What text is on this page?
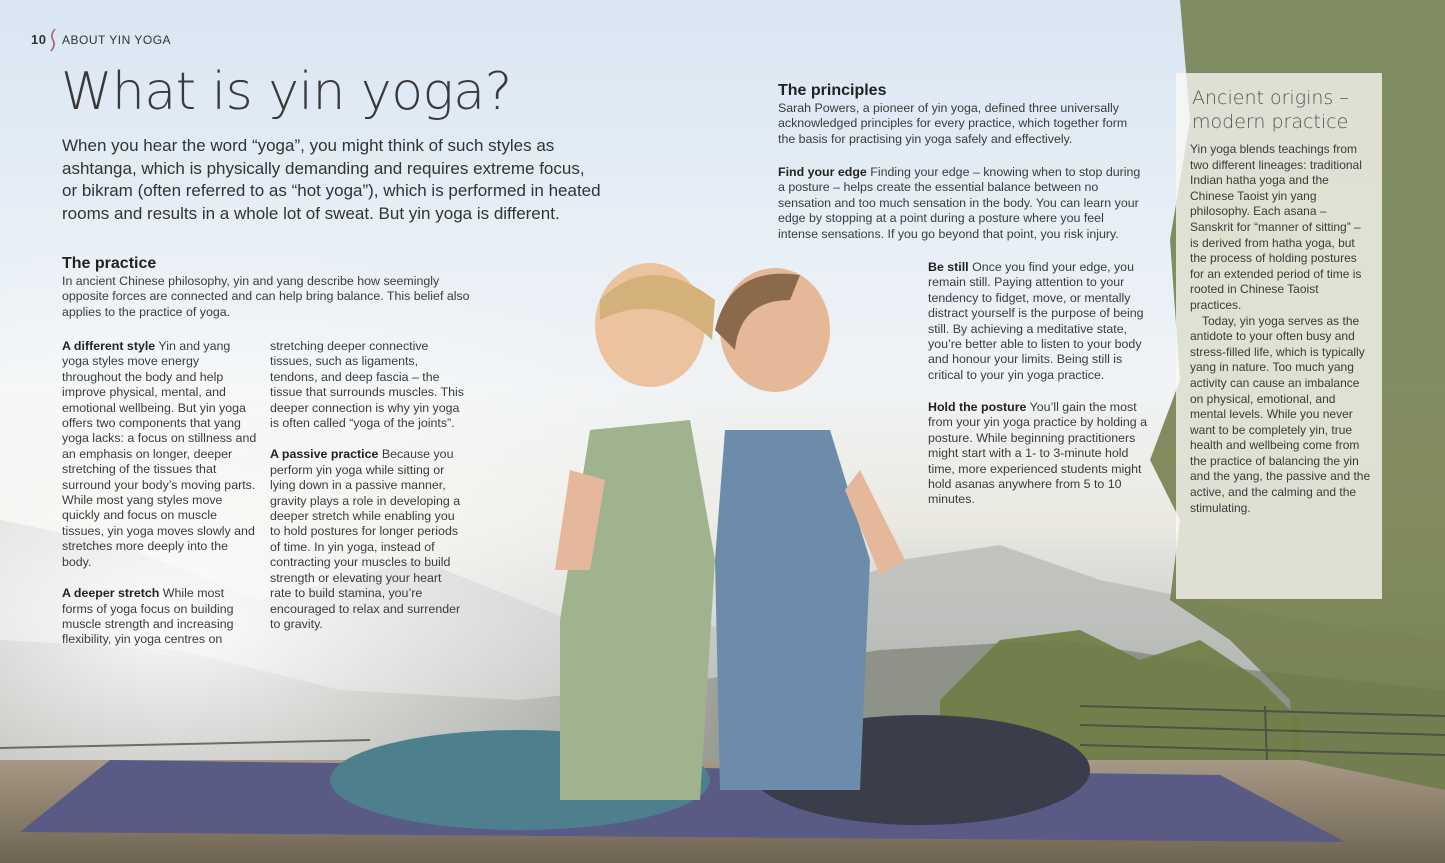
10 ABOUT YIN YOGA
What is yin yoga?

When you hear the word “yoga”, you might think of such styles as ashtanga, which is physically demanding and requires extreme focus, or bikram (often referred to as “hot yoga”), which is performed in heated rooms and results in a whole lot of sweat. But yin yoga is different.

The practice

In ancient Chinese philosophy, yin and yang describe how seemingly opposite forces are connected and can help bring balance. This belief also applies to the practice of yoga.

A different style Yin and yang yoga styles move energy throughout the body and help improve physical, mental, and emotional wellbeing. But yin yoga offers two components that yang yoga lacks: a focus on stillness and an emphasis on longer, deeper stretching of the tissues that surround your body’s moving parts. While most yang styles move quickly and focus on muscle tissues, yin yoga moves slowly and stretches more deeply into the body.

A deeper stretch While most forms of yoga focus on building muscle strength and increasing flexibility, yin yoga centres on

stretching deeper connective tissues, such as ligaments, tendons, and deep fascia – the tissue that surrounds muscles. This deeper connection is why yin yoga is often called “yoga of the joints”.

A passive practice Because you perform yin yoga while sitting or lying down in a passive manner, gravity plays a role in developing a deeper stretch while enabling you to hold postures for longer periods of time. In yin yoga, instead of contracting your muscles to build strength or elevating your heart rate to build stamina, you’re encouraged to relax and surrender to gravity.

The principles

Sarah Powers, a pioneer of yin yoga, defined three universally acknowledged principles for every practice, which together form the basis for practising yin yoga safely and effectively.

Find your edge Finding your edge – knowing when to stop during a posture – helps create the essential balance between no sensation and too much sensation in the body. You can learn your edge by stopping at a point during a posture where you feel intense sensations. If you go beyond that point, you risk injury.

Be still Once you find your edge, you remain still. Paying attention to your tendency to fidget, move, or mentally distract yourself is the purpose of being still. By achieving a meditative state, you’re better able to listen to your body and honour your limits. Being still is critical to your yin yoga practice.

Hold the posture You’ll gain the most from your yin yoga practice by holding a posture. While beginning practitioners might start with a 1- to 3-minute hold time, more experienced students might hold asanas anywhere from 5 to 10 minutes.

Ancient origins – modern practice

Yin yoga blends teachings from two different lineages: traditional Indian hatha yoga and the Chinese Taoist yin yang philosophy. Each asana – Sanskrit for “manner of sitting” – is derived from hatha yoga, but the process of holding postures for an extended period of time is rooted in Chinese Taoist practices.

Today, yin yoga serves as the antidote to your often busy and stress-filled life, which is typically yang in nature. Too much yang activity can cause an imbalance on physical, emotional, and mental levels. While you never want to be completely yin, true health and wellbeing come from the practice of balancing the yin and the yang, the passive and the active, and the calming and the stimulating.
